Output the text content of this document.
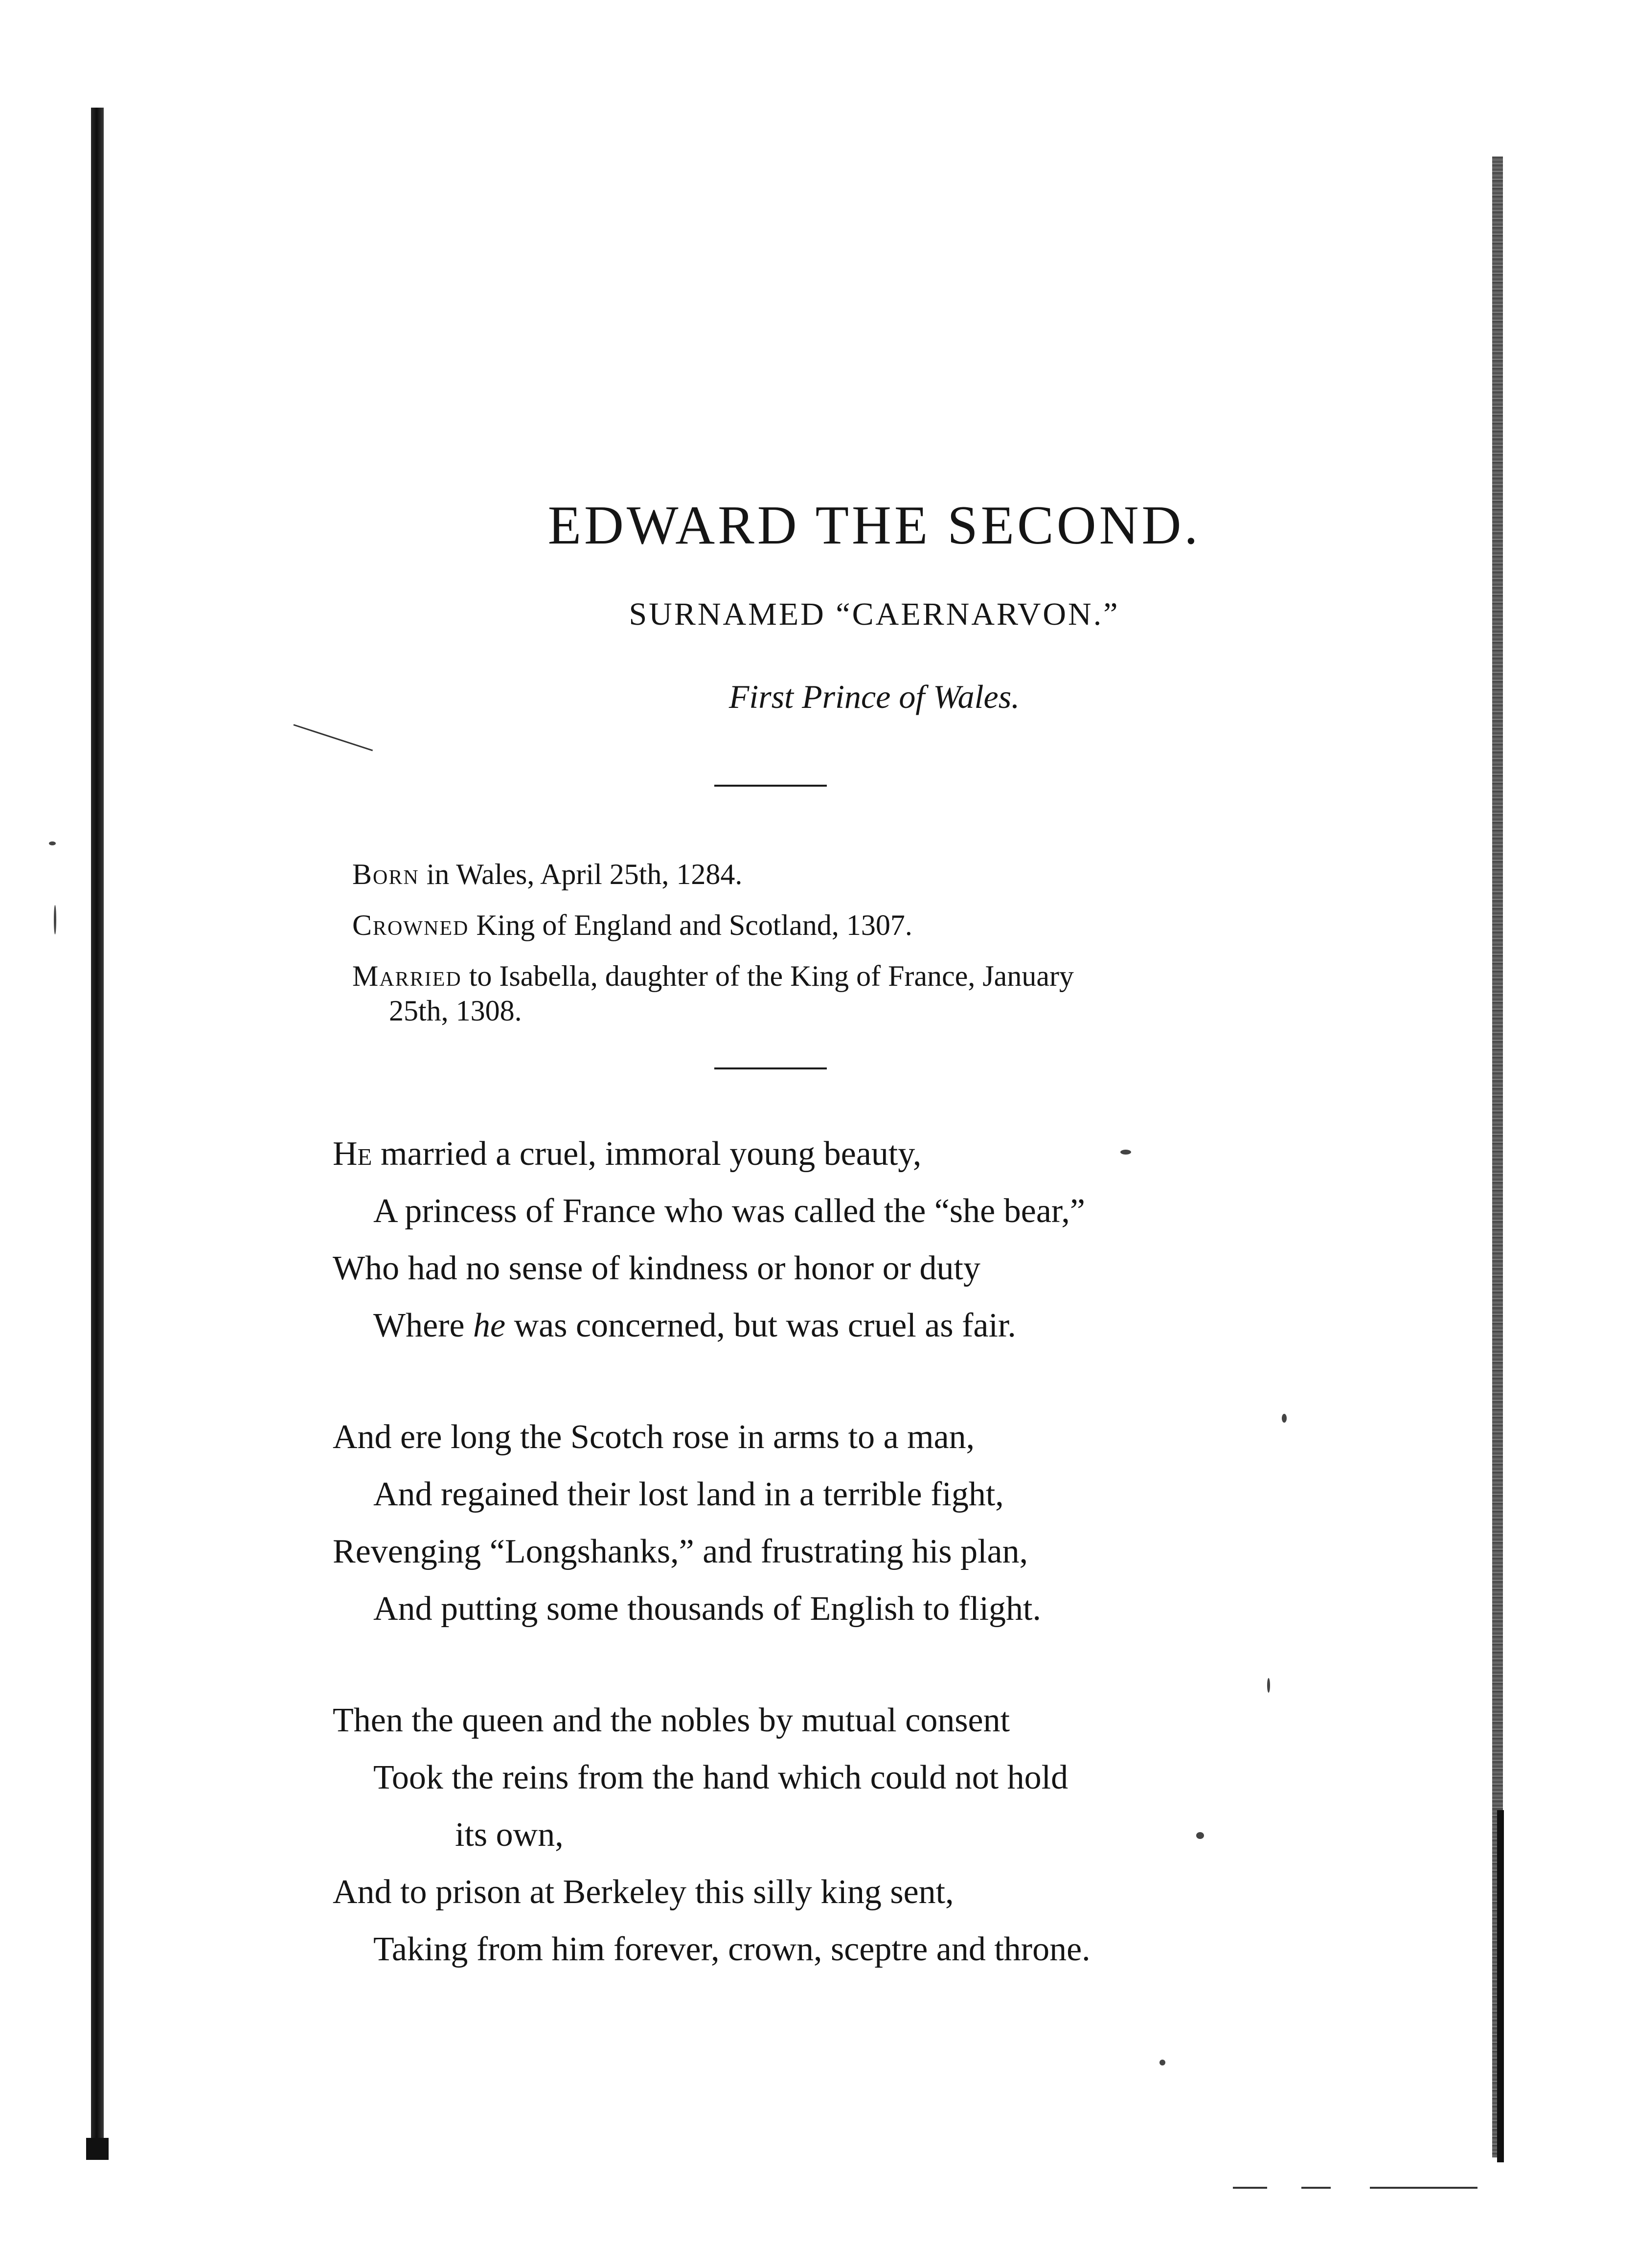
EDWARD THE SECOND.
SURNAMED “CAERNARVON.”
First Prince of Wales.
Born in Wales, April 25th, 1284.
Crowned King of England and Scotland, 1307.
Married to Isabella, daughter of the King of France, January
25th, 1308.
He married a cruel, immoral young beauty,
A princess of France who was called the “she bear,”
Who had no sense of kindness or honor or duty
Where he was concerned, but was cruel as fair.
And ere long the Scotch rose in arms to a man,
And regained their lost land in a terrible fight,
Revenging “Longshanks,” and frustrating his plan,
And putting some thousands of English to flight.
Then the queen and the nobles by mutual consent
Took the reins from the hand which could not hold
its own,
And to prison at Berkeley this silly king sent,
Taking from him forever, crown, sceptre and throne.
